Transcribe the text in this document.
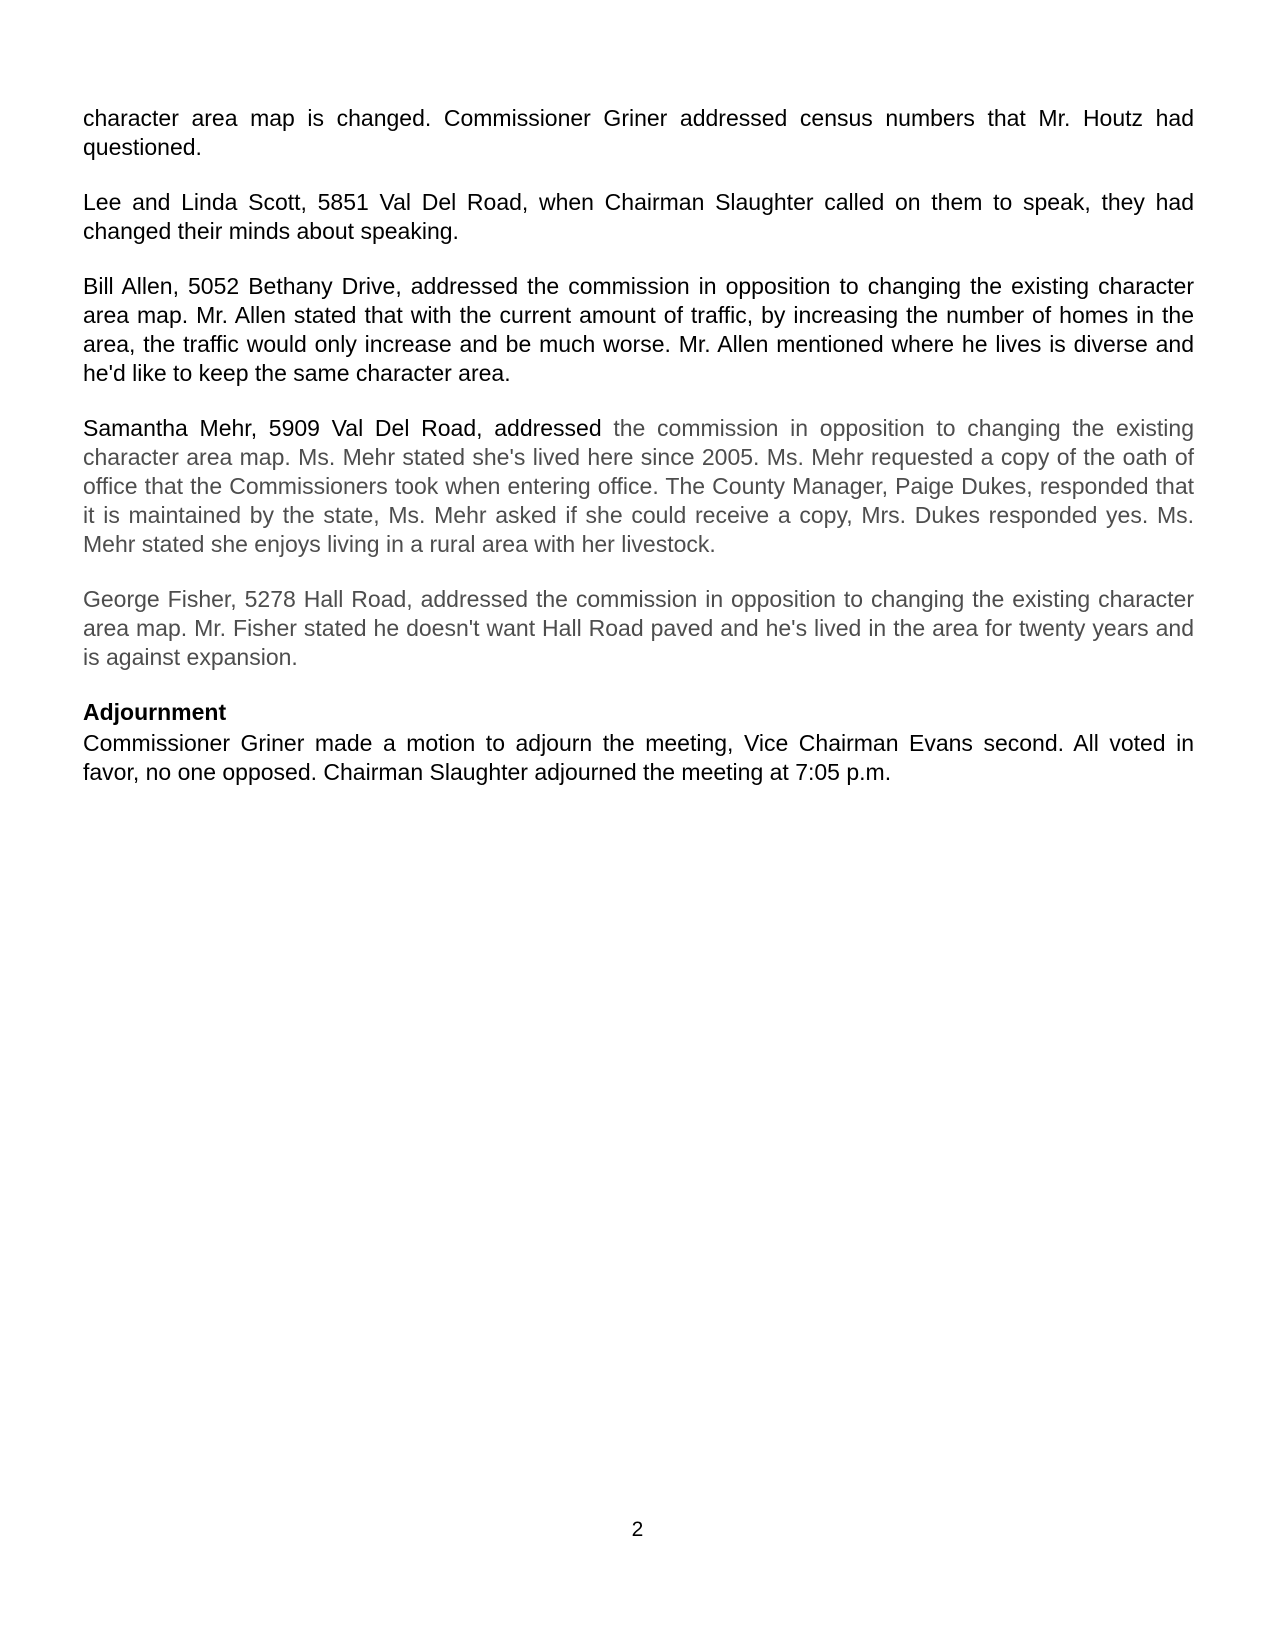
character area map is changed. Commissioner Griner addressed census numbers that Mr. Houtz had questioned.

Lee and Linda Scott, 5851 Val Del Road, when Chairman Slaughter called on them to speak, they had changed their minds about speaking.

Bill Allen, 5052 Bethany Drive, addressed the commission in opposition to changing the existing character area map. Mr. Allen stated that with the current amount of traffic, by increasing the number of homes in the area, the traffic would only increase and be much worse. Mr. Allen mentioned where he lives is diverse and he'd like to keep the same character area.

Samantha Mehr, 5909 Val Del Road, addressed the commission in opposition to changing the existing character area map. Ms. Mehr stated she's lived here since 2005. Ms. Mehr requested a copy of the oath of office that the Commissioners took when entering office. The County Manager, Paige Dukes, responded that it is maintained by the state, Ms. Mehr asked if she could receive a copy, Mrs. Dukes responded yes. Ms. Mehr stated she enjoys living in a rural area with her livestock.

George Fisher, 5278 Hall Road, addressed the commission in opposition to changing the existing character area map. Mr. Fisher stated he doesn't want Hall Road paved and he's lived in the area for twenty years and is against expansion.

Adjournment

Commissioner Griner made a motion to adjourn the meeting, Vice Chairman Evans second. All voted in favor, no one opposed. Chairman Slaughter adjourned the meeting at 7:05 p.m.

2
